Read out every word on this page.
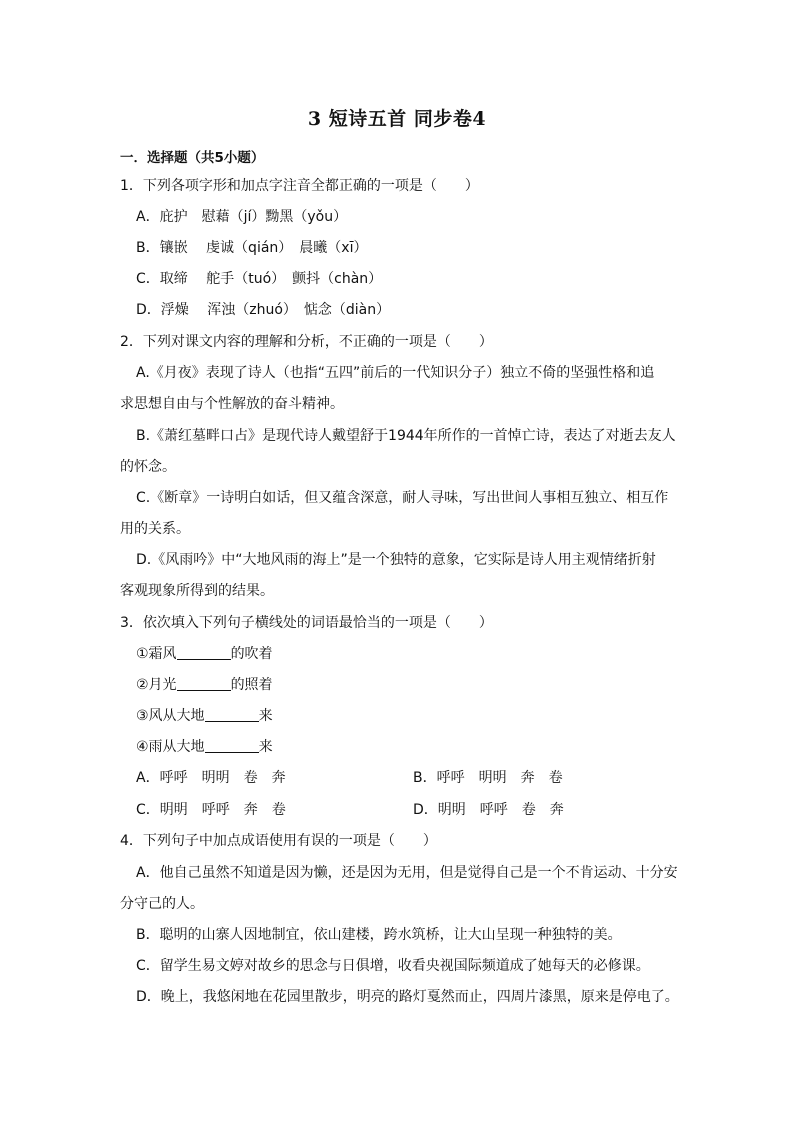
3 短诗五首 同步卷4
一．选择题（共5小题）
1．下列各项字形和加点字注音全都正确的一项是（　　）
A．庇护　慰藉（jí）黝黑（yǒu）
B．镶嵌　 虔诚（qián）　晨曦（xī）
C．取缔　 舵手（tuó）　颤抖（chàn）
D．浮燥　 浑浊（zhuó）　惦念（diàn）
2．下列对课文内容的理解和分析，不正确的一项是（　　）
A.《月夜》表现了诗人（也指“五四”前后的一代知识分子）独立不倚的坚强性格和追
求思想自由与个性解放的奋斗精神。
B.《萧红墓畔口占》是现代诗人戴望舒于1944年所作的一首悼亡诗，表达了对逝去友人
的怀念。
C.《断章》一诗明白如话，但又蕴含深意，耐人寻味，写出世间人事相互独立、相互作
用的关系。
D.《风雨吟》中“大地风雨的海上”是一个独特的意象，它实际是诗人用主观情绪折射
客观现象所得到的结果。
3．依次填入下列句子横线处的词语最恰当的一项是（　　）
①霜风	的吹着
②月光	的照着
③风从大地	来
④雨从大地	来
A．呼呼　明明　卷　奔	B．呼呼　明明　奔　卷
C．明明　呼呼　奔　卷	D．明明　呼呼　卷　奔
4．下列句子中加点成语使用有误的一项是（　　）
A．他自己虽然不知道是因为懒，还是因为无用，但是觉得自己是一个不肯运动、十分安
分守己的人。
B．聪明的山寨人因地制宜，依山建楼，跨水筑桥，让大山呈现一种独特的美。
C．留学生易文婷对故乡的思念与日俱增，收看央视国际频道成了她每天的必修课。
D．晚上，我悠闲地在花园里散步，明亮的路灯戛然而止，四周片漆黑，原来是停电了。
